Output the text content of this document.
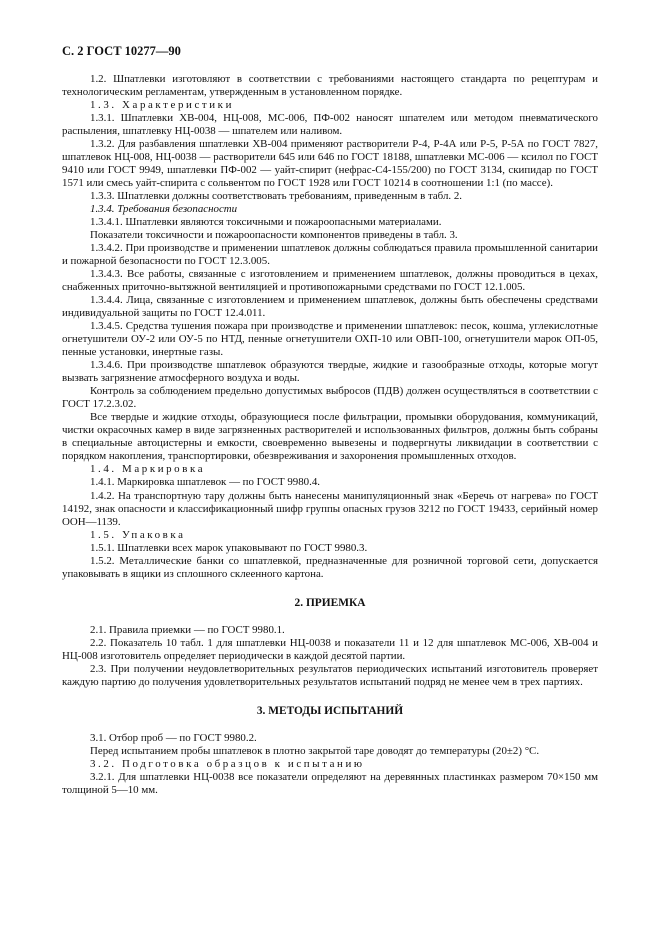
С. 2 ГОСТ 10277—90

1.2. Шпатлевки изготовляют в соответствии с требованиями настоящего стандарта по рецептурам и технологическим регламентам, утвержденным в установленном порядке.

1.3. Характеристики

1.3.1. Шпатлевки ХВ-004, НЦ-008, МС-006, ПФ-002 наносят шпателем или методом пневматического распыления, шпатлевку НЦ-0038 — шпателем или наливом.

1.3.2. Для разбавления шпатлевки ХВ-004 применяют растворители Р-4, Р-4А или Р-5, Р-5А по ГОСТ 7827, шпатлевок НЦ-008, НЦ-0038 — растворители 645 или 646 по ГОСТ 18188, шпатлевки МС-006 — ксилол по ГОСТ 9410 или ГОСТ 9949, шпатлевки ПФ-002 — уайт-спирит (нефрас-С4-155/200) по ГОСТ 3134, скипидар по ГОСТ 1571 или смесь уайт-спирита с сольвентом по ГОСТ 1928 или ГОСТ 10214 в соотношении 1:1 (по массе).

1.3.3. Шпатлевки должны соответствовать требованиям, приведенным в табл. 2.

1.3.4. Требования безопасности

1.3.4.1. Шпатлевки являются токсичными и пожароопасными материалами.

Показатели токсичности и пожароопасности компонентов приведены в табл. 3.

1.3.4.2. При производстве и применении шпатлевок должны соблюдаться правила промышленной санитарии и пожарной безопасности по ГОСТ 12.3.005.

1.3.4.3. Все работы, связанные с изготовлением и применением шпатлевок, должны проводиться в цехах, снабженных приточно-вытяжной вентиляцией и противопожарными средствами по ГОСТ 12.1.005.

1.3.4.4. Лица, связанные с изготовлением и применением шпатлевок, должны быть обеспечены средствами индивидуальной защиты по ГОСТ 12.4.011.

1.3.4.5. Средства тушения пожара при производстве и применении шпатлевок: песок, кошма, углекислотные огнетушители ОУ-2 или ОУ-5 по НТД, пенные огнетушители ОХП-10 или ОВП-100, огнетушители марок ОП-05, пенные установки, инертные газы.

1.3.4.6. При производстве шпатлевок образуются твердые, жидкие и газообразные отходы, которые могут вызвать загрязнение атмосферного воздуха и воды.

Контроль за соблюдением предельно допустимых выбросов (ПДВ) должен осуществляться в соответствии с ГОСТ 17.2.3.02.

Все твердые и жидкие отходы, образующиеся после фильтрации, промывки оборудования, коммуникаций, чистки окрасочных камер в виде загрязненных растворителей и использованных фильтров, должны быть собраны в специальные автоцистерны и емкости, своевременно вывезены и подвергнуты ликвидации в соответствии с порядком накопления, транспортировки, обезвреживания и захоронения промышленных отходов.

1.4. Маркировка

1.4.1. Маркировка шпатлевок — по ГОСТ 9980.4.

1.4.2. На транспортную тару должны быть нанесены манипуляционный знак «Беречь от нагрева» по ГОСТ 14192, знак опасности и классификационный шифр группы опасных грузов 3212 по ГОСТ 19433, серийный номер ООН—1139.

1.5. Упаковка

1.5.1. Шпатлевки всех марок упаковывают по ГОСТ 9980.3.

1.5.2. Металлические банки со шпатлевкой, предназначенные для розничной торговой сети, допускается упаковывать в ящики из сплошного склеенного картона.

2. ПРИЕМКА

2.1. Правила приемки — по ГОСТ 9980.1.

2.2. Показатель 10 табл. 1 для шпатлевки НЦ-0038 и показатели 11 и 12 для шпатлевок МС-006, ХВ-004 и НЦ-008 изготовитель определяет периодически в каждой десятой партии.

2.3. При получении неудовлетворительных результатов периодических испытаний изготовитель проверяет каждую партию до получения удовлетворительных результатов испытаний подряд не менее чем в трех партиях.

3. МЕТОДЫ ИСПЫТАНИЙ

3.1. Отбор проб — по ГОСТ 9980.2.

Перед испытанием пробы шпатлевок в плотно закрытой таре доводят до температуры (20±2) °С.

3.2. Подготовка образцов к испытанию

3.2.1. Для шпатлевки НЦ-0038 все показатели определяют на деревянных пластинках размером 70×150 мм толщиной 5—10 мм.
